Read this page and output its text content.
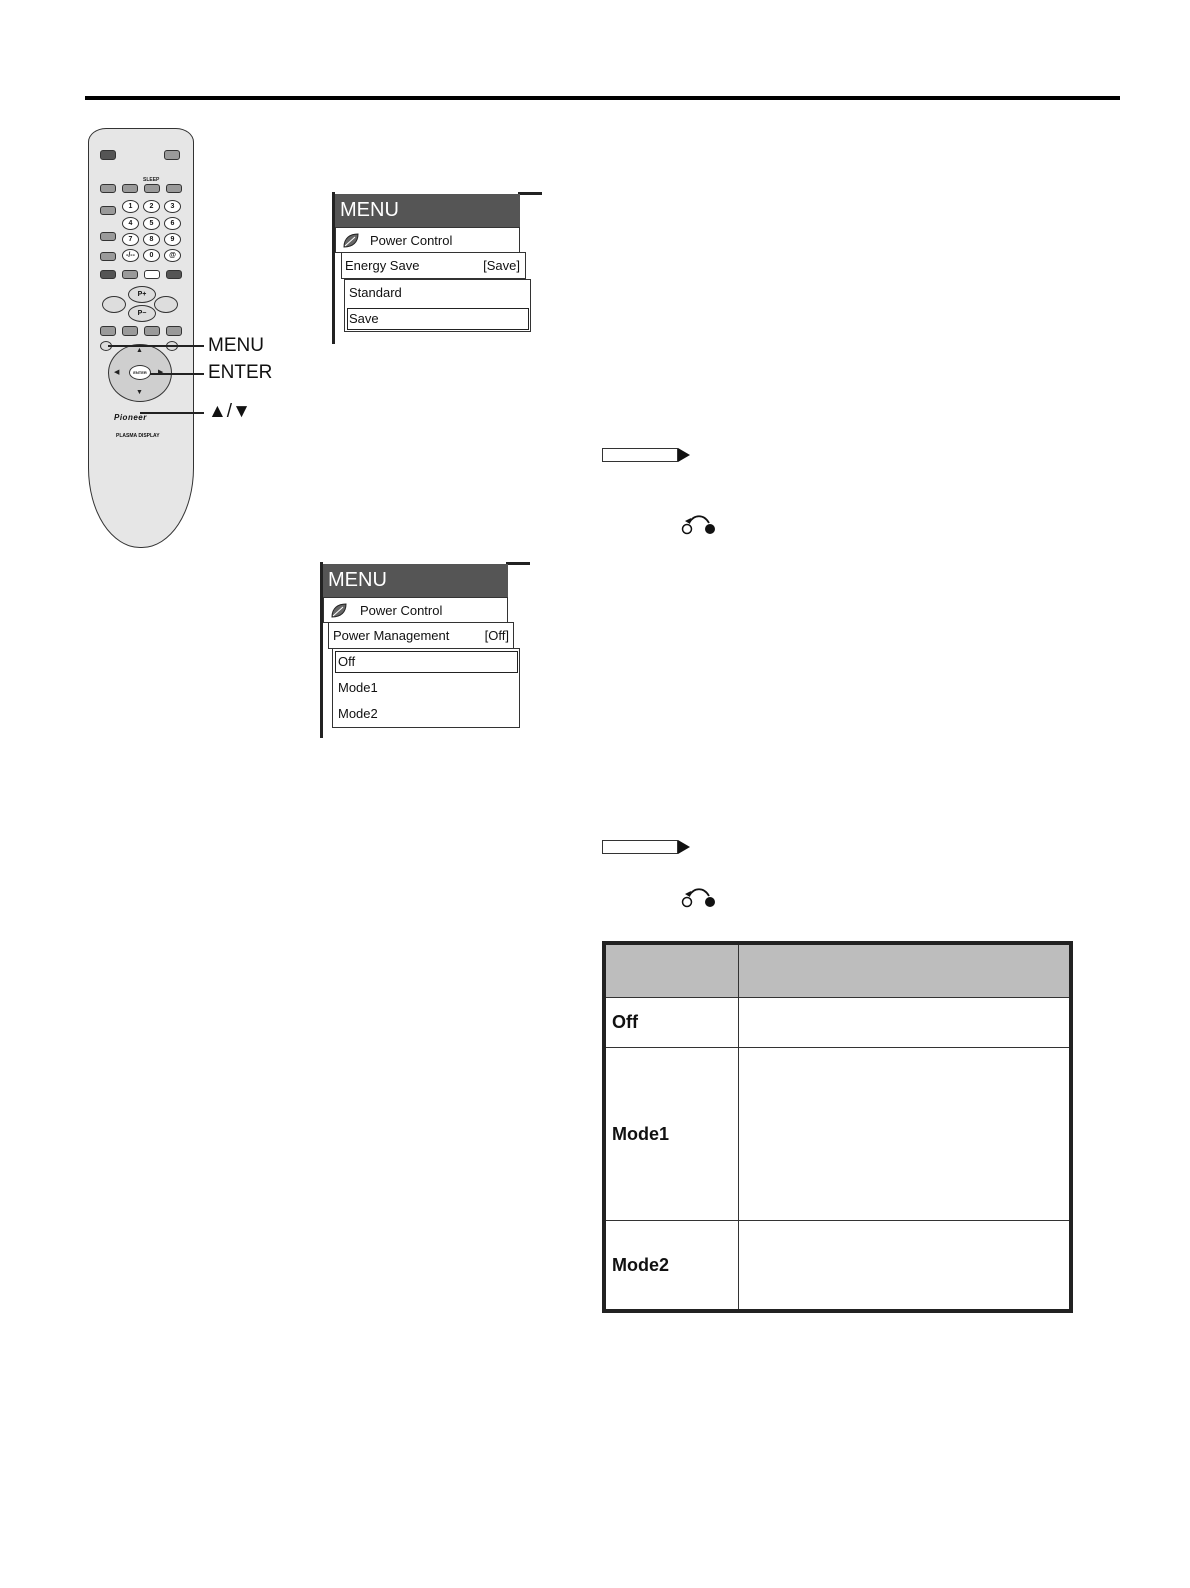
SLEEP
1	2	3
4	5	6
7	8	9
-/--	0	@
P+
P−
▲
▼
◀	ENTER
Pioneer
PLASMA DISPLAY
MENU
ENTER
▲/▼
MENU
Power Control
Energy Save	[Save]
Standard
Save
MENU
Power Control
Power Management	[Off]
Off
Mode1
Mode2

Off	
Mode1	
Mode2	
